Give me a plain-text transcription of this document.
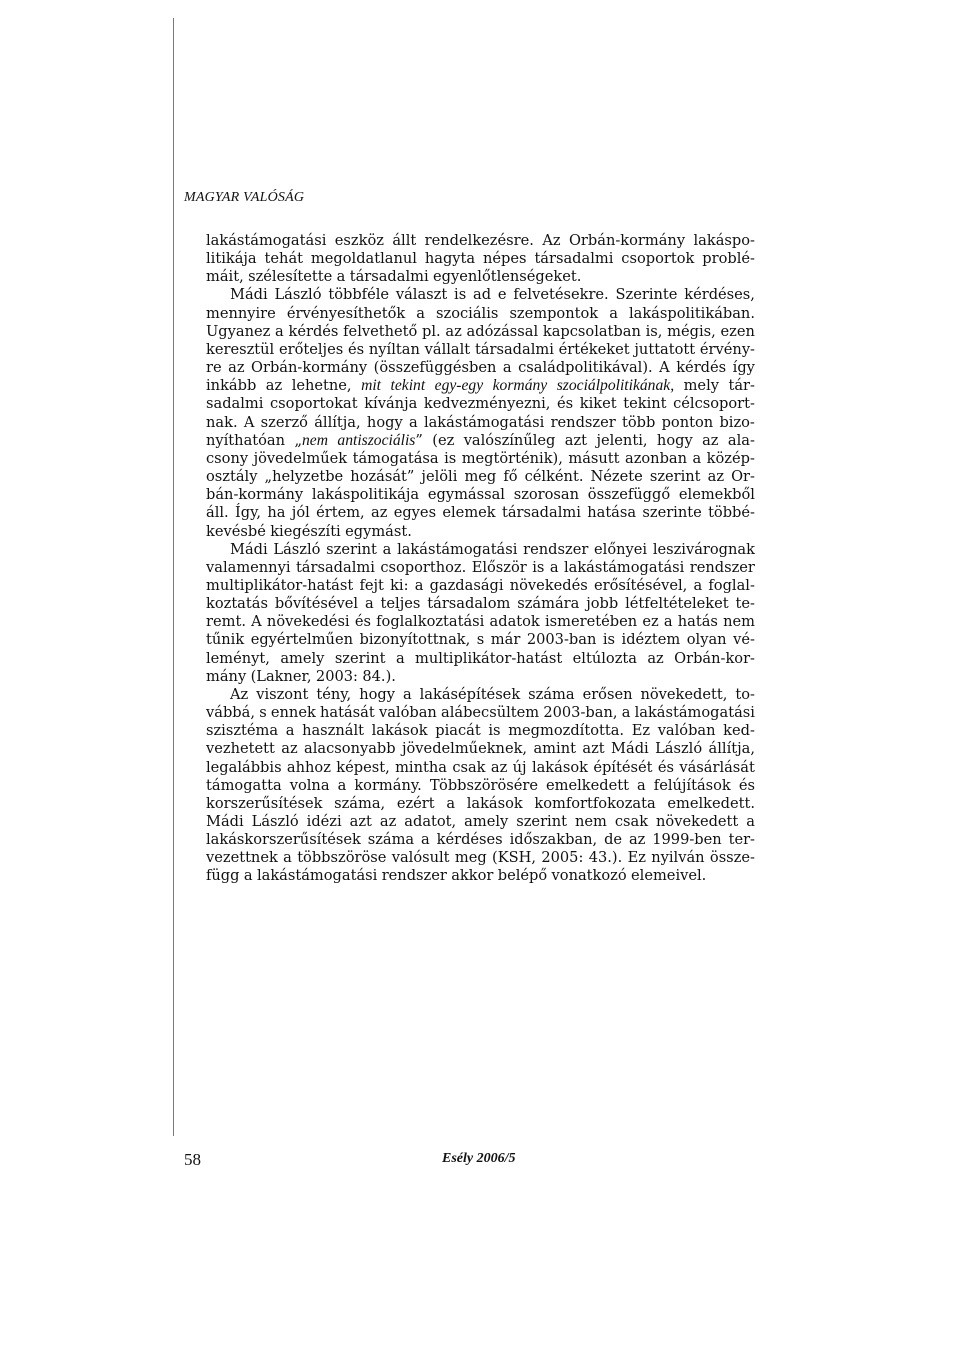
MAGYAR VALÓSÁG
lakástámogatási eszköz állt rendelkezésre. Az Orbán-kormány lakáspo-
litikája tehát megoldatlanul hagyta népes társadalmi csoportok problé-
máit, szélesítette a társadalmi egyenlőtlenségeket.
Mádi László többféle választ is ad e felvetésekre. Szerinte kérdéses,
mennyire érvényesíthetők a szociális szempontok a lakáspolitikában.
Ugyanez a kérdés felvethető pl. az adózással kapcsolatban is, mégis, ezen
keresztül erőteljes és nyíltan vállalt társadalmi értékeket juttatott érvény-
re az Orbán-kormány (összefüggésben a családpolitikával). A kérdés így
inkább az lehetne, mit tekint egy-egy kormány szociálpolitikának, mely tár-
sadalmi csoportokat kívánja kedvezményezni, és kiket tekint célcsoport-
nak. A szerző állítja, hogy a lakástámogatási rendszer több ponton bizo-
nyíthatóan „nem antiszociális” (ez valószínűleg azt jelenti, hogy az ala-
csony jövedelműek támogatása is megtörténik), másutt azonban a közép-
osztály „helyzetbe hozását” jelöli meg fő célként. Nézete szerint az Or-
bán-kormány lakáspolitikája egymással szorosan összefüggő elemekből
áll. Így, ha jól értem, az egyes elemek társadalmi hatása szerinte többé-
kevésbé kiegészíti egymást.
Mádi László szerint a lakástámogatási rendszer előnyei leszivárognak
valamennyi társadalmi csoporthoz. Először is a lakástámogatási rendszer
multiplikátor-hatást fejt ki: a gazdasági növekedés erősítésével, a foglal-
koztatás bővítésével a teljes társadalom számára jobb létfeltételeket te-
remt. A növekedési és foglalkoztatási adatok ismeretében ez a hatás nem
tűnik egyértelműen bizonyítottnak, s már 2003-ban is idéztem olyan vé-
leményt, amely szerint a multiplikátor-hatást eltúlozta az Orbán-kor-
mány (Lakner, 2003: 84.).
Az viszont tény, hogy a lakásépítések száma erősen növekedett, to-
vábbá, s ennek hatását valóban alábecsültem 2003-ban, a lakástámogatási
szisztéma a használt lakások piacát is megmozdította. Ez valóban ked-
vezhetett az alacsonyabb jövedelműeknek, amint azt Mádi László állítja,
legalábbis ahhoz képest, mintha csak az új lakások építését és vásárlását
támogatta volna a kormány. Többszörösére emelkedett a felújítások és
korszerűsítések száma, ezért a lakások komfortfokozata emelkedett.
Mádi László idézi azt az adatot, amely szerint nem csak növekedett a
lakáskorszerűsítések száma a kérdéses időszakban, de az 1999-ben ter-
vezettnek a többszöröse valósult meg (KSH, 2005: 43.). Ez nyilván össze-
függ a lakástámogatási rendszer akkor belépő vonatkozó elemeivel.
58	Esély 2006/5
